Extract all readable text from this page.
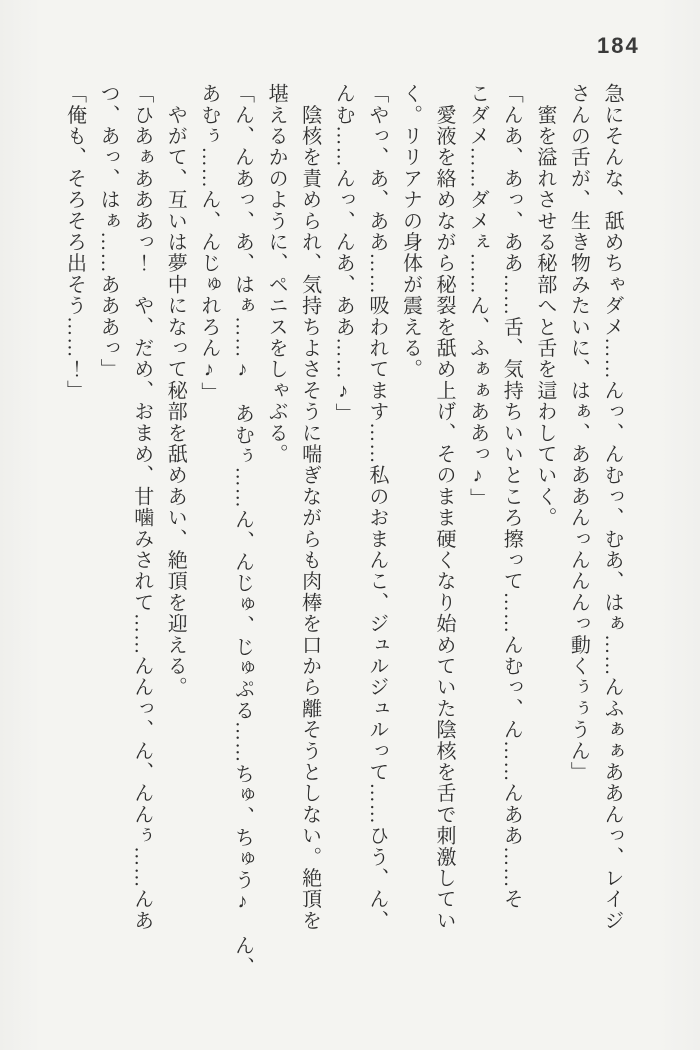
184

急にそんな、舐めちゃダメ……んっ、んむっ、むあ、はぁ……んふぁぁああんっ、レイジ

さんの舌が、生き物みたいに、はぁ、あああんっんんんっ動くぅぅうん」

　蜜を溢れさせる秘部へと舌を這わしていく。

「んあ、あっ、ああ……舌、気持ちいいところ擦って……んむっ、ん……んああ……そ

こダメ……ダメぇ……ん、ふぁぁああっ♪」

　愛液を絡めながら秘裂を舐め上げ、そのまま硬くなり始めていた陰核を舌で刺激してい

く。リリアナの身体が震える。

「やっ、あ、ああ……吸われてます……私のおまんこ、ジュルジュルって……ひう、ん、

んむ……んっ、んあ、ああ……♪」

　陰核を責められ、気持ちよさそうに喘ぎながらも肉棒を口から離そうとしない。絶頂を

堪えるかのように、ペニスをしゃぶる。

「ん、んあっ、あ、はぁ……♪　あむぅ……ん、んじゅ、じゅぷる……ちゅ、ちゅう♪　ん、

あむぅ……ん、んじゅれろん♪」

　やがて、互いは夢中になって秘部を舐めあい、絶頂を迎える。

「ひあぁあああっ！　や、だめ、おまめ、甘噛みされて……んんっ、ん、んんぅ……んあ

つ、あっ、はぁ……あああっ」

「俺も、そろそろ出そう……！」
